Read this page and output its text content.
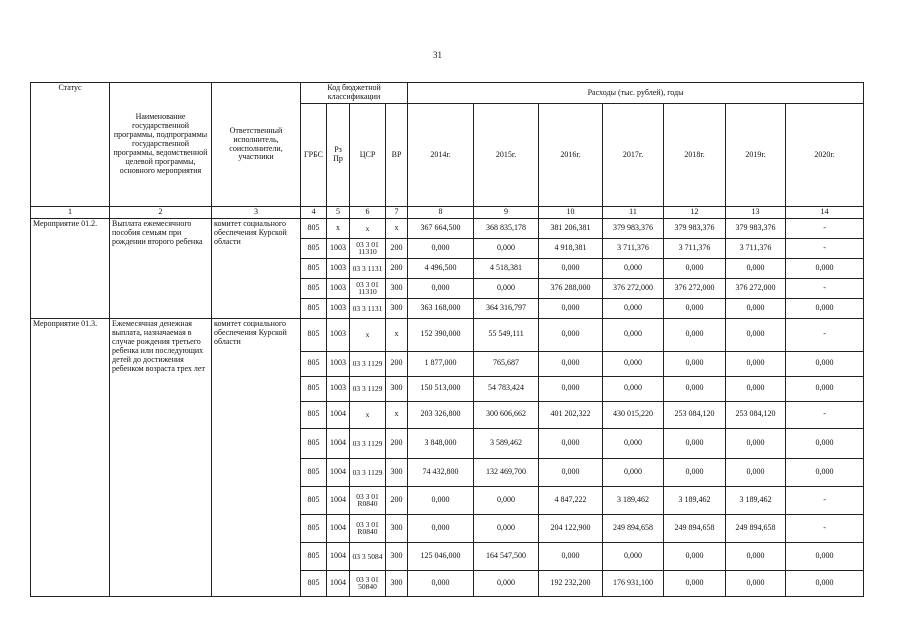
31
Статус	Наименование государственной программы, подпрограммы государственной программы, ведомственной целевой программы, основного мероприятия	Ответственный исполнитель, соисполнители, участники	Код бюджетной классификации				Расходы (тыс. рублей), годы						
			ГРБС	Рз Пр	ЦСР	ВР	2014г.	2015г.	2016г.	2017г.	2018г.	2019г.	2020г.
1	2	3	4	5	6	7	8	9	10	11	12	13	14
Мероприятие 01.2.	Выплата ежемесячного пособия семьям при рождении второго ребенка	комитет социального обеспечения Курской области	805	x	x	x	367 664,500	368 835,178	381 206,381	379 983,376	379 983,376	379 983,376	-
			805	1003	03 3 01 11310	200	0,000	0,000	4 918,381	3 711,376	3 711,376	3 711,376	-
			805	1003	03 3 1131	200	4 496,500	4 518,381	0,000	0,000	0,000	0,000	0,000
			805	1003	03 3 01 11310	300	0,000	0,000	376 288,000	376 272,000	376 272,000	376 272,000	-
			805	1003	03 3 1131	300	363 168,000	364 316,797	0,000	0,000	0,000	0,000	0,000
Мероприятие 01.3.	Ежемесячная денежная выплата, назначаемая в случае рождения третьего ребенка или последующих детей до достижения ребенком возраста трех лет	комитет социального обеспечения Курской области	805	1003	x	x	152 390,000	55 549,111	0,000	0,000	0,000	0,000	-
			805	1003	03 3 1129	200	1 877,000	765,687	0,000	0,000	0,000	0,000	0,000
			805	1003	03 3 1129	300	150 513,000	54 783,424	0,000	0,000	0,000	0,000	0,000
			805	1004	x	x	203 326,800	300 606,662	401 202,322	430 015,220	253 084,120	253 084,120	-
			805	1004	03 3 1129	200	3 848,000	3 589,462	0,000	0,000	0,000	0,000	0,000
			805	1004	03 3 1129	300	74 432,800	132 469,700	0,000	0,000	0,000	0,000	0,000
			805	1004	03 3 01 R0840	200	0,000	0,000	4 847,222	3 189,462	3 189,462	3 189,462	-
			805	1004	03 3 01 R0840	300	0,000	0,000	204 122,900	249 894,658	249 894,658	249 894,658	-
			805	1004	03 3 5084	300	125 046,000	164 547,500	0,000	0,000	0,000	0,000	0,000
			805	1004	03 3 01 50840	300	0,000	0,000	192 232,200	176 931,100	0,000	0,000	0,000
